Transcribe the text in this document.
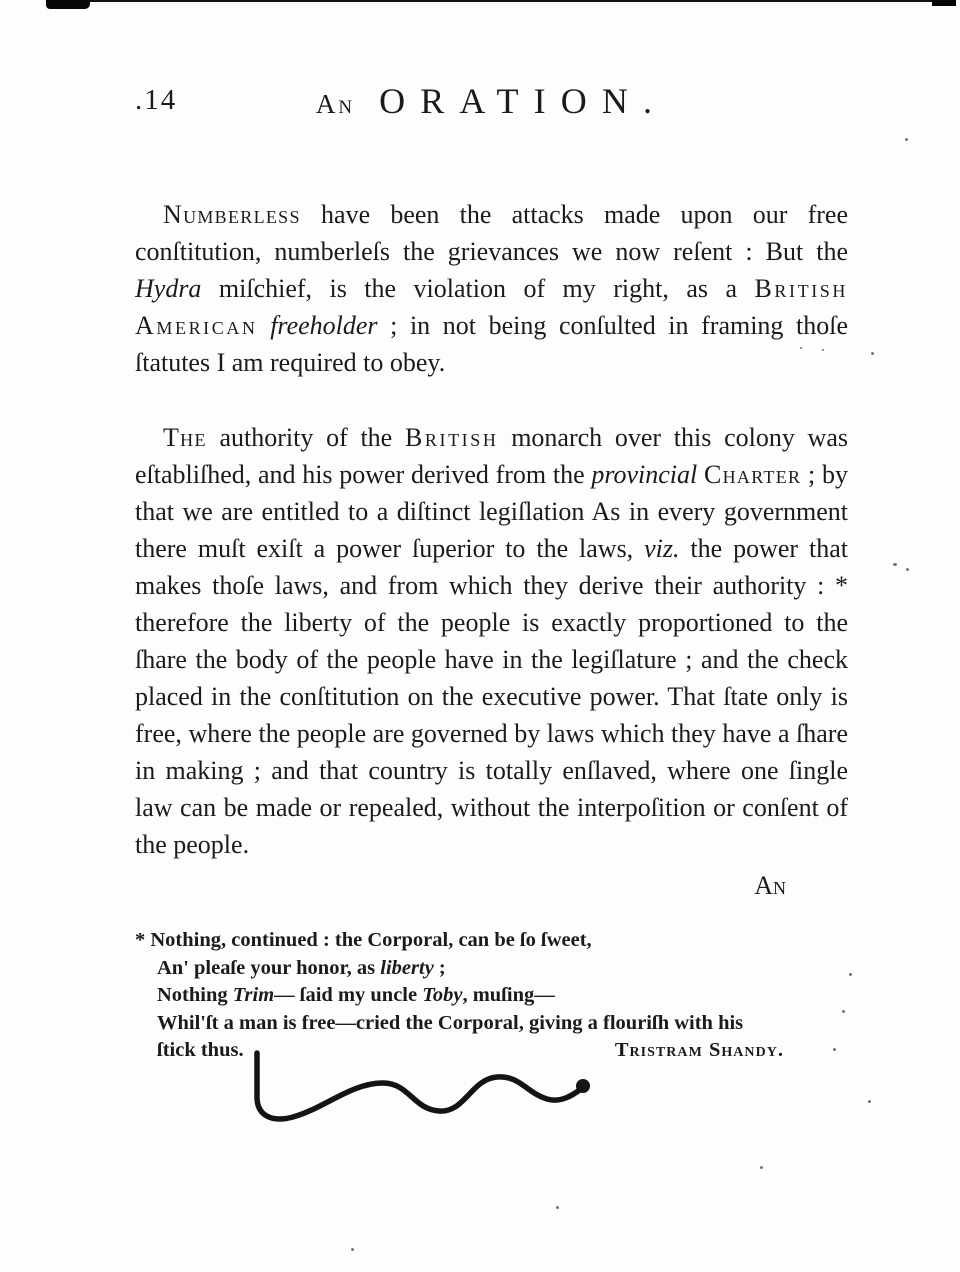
.14	An ORATION.

Numberless have been the attacks made upon our free conſtitution, numberleſs the grievances we now reſent : But the Hydra miſchief, is the violation of my right, as a British American freeholder ; in not being conſulted in framing thoſe ſtatutes I am required to obey.

The authority of the British monarch over this colony was eſtabliſhed, and his power derived from the provincial Charter ; by that we are entitled to a diſtinct legiſlation As in every government there muſt exiſt a power ſuperior to the laws, viz. the power that makes thoſe laws, and from which they derive their authority : * therefore the liberty of the people is exactly proportioned to the ſhare the body of the people have in the legiſlature ; and the check placed in the conſtitution on the executive power. That ſtate only is free, where the people are governed by laws which they have a ſhare in making ; and that country is totally enſlaved, where one ſingle law can be made or repealed, without the interpoſition or conſent of the people.

An
* Nothing, continued : the Corporal, can be ſo ſweet,
An' pleaſe your honor, as liberty ;
Nothing Trim— ſaid my uncle Toby, muſing—
Whil'ſt a man is free—cried the Corporal, giving a flouriſh with his
ſtick thus.	Tristram Shandy.
